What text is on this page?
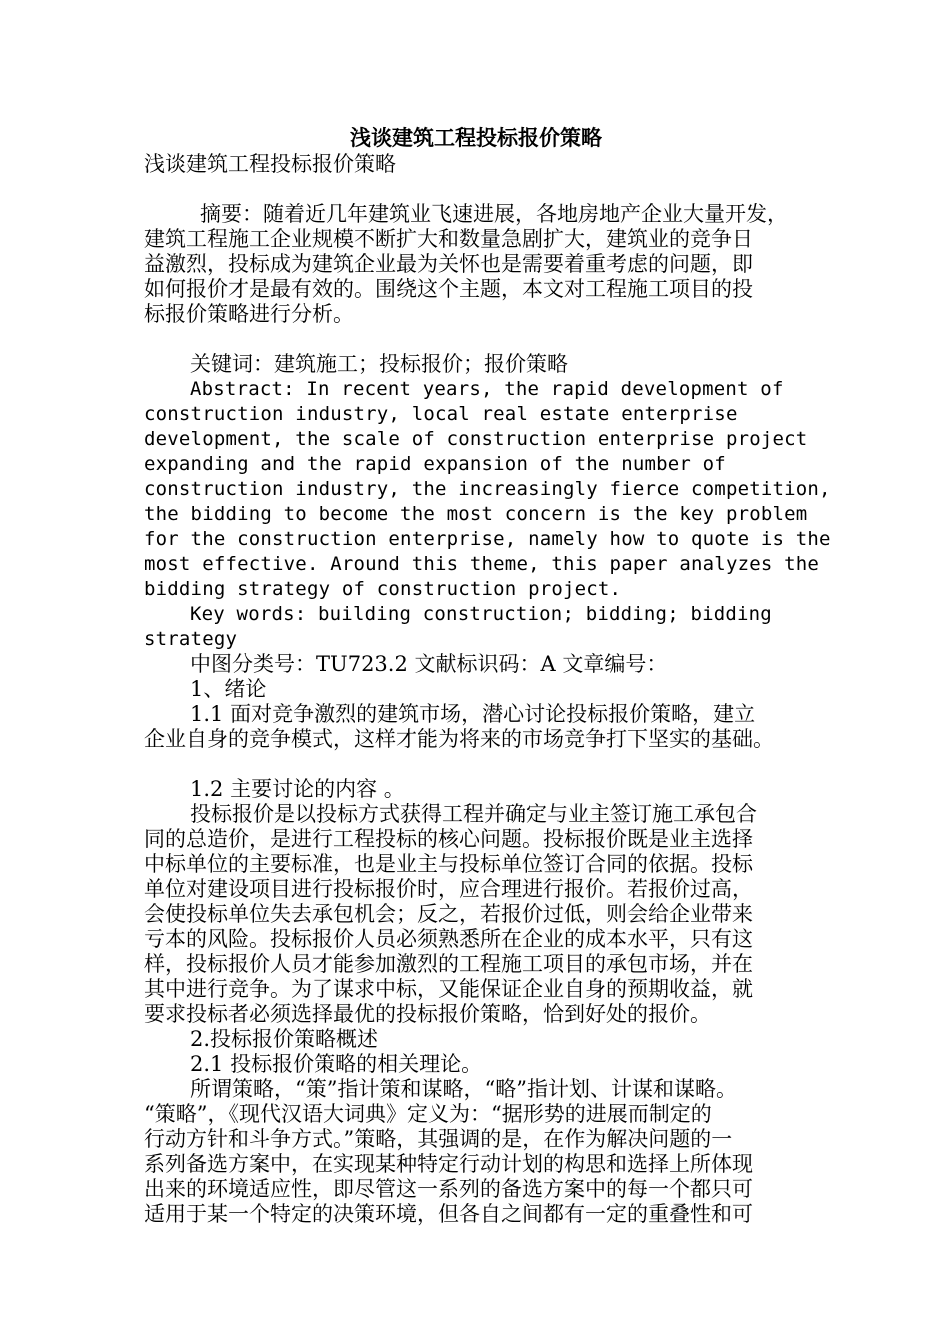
浅谈建筑工程投标报价策略
浅谈建筑工程投标报价策略
摘要：随着近几年建筑业飞速进展，各地房地产企业大量开发，
建筑工程施工企业规模不断扩大和数量急剧扩大，建筑业的竞争日
益激烈，投标成为建筑企业最为关怀也是需要着重考虑的问题，即
如何报价才是最有效的。围绕这个主题，本文对工程施工项目的投
标报价策略进行分析。
关键词：建筑施工；投标报价；报价策略
Abstract: In recent years, the rapid development of
construction industry, local real estate enterprise
development, the scale of construction enterprise project
expanding and the rapid expansion of the number of
construction industry, the increasingly fierce competition,
the bidding to become the most concern is the key problem
for the construction enterprise, namely how to quote is the
most effective. Around this theme, this paper analyzes the
bidding strategy of construction project.
Key words: building construction; bidding; bidding
strategy
中图分类号：TU723.2 文献标识码：A 文章编号：
1、绪论
1.1 面对竞争激烈的建筑市场，潜心讨论投标报价策略，建立
企业自身的竞争模式，这样才能为将来的市场竞争打下坚实的基础。
1.2 主要讨论的内容 。
投标报价是以投标方式获得工程并确定与业主签订施工承包合
同的总造价，是进行工程投标的核心问题。投标报价既是业主选择
中标单位的主要标准，也是业主与投标单位签订合同的依据。投标
单位对建设项目进行投标报价时，应合理进行报价。若报价过高，
会使投标单位失去承包机会；反之，若报价过低，则会给企业带来
亏本的风险。投标报价人员必须熟悉所在企业的成本水平，只有这
样，投标报价人员才能参加激烈的工程施工项目的承包市场，并在
其中进行竞争。为了谋求中标，又能保证企业自身的预期收益，就
要求投标者必须选择最优的投标报价策略，恰到好处的报价。
2.投标报价策略概述
2.1 投标报价策略的相关理论。
所谓策略，“策”指计策和谋略，“略”指计划、计谋和谋略。
“策略”，《现代汉语大词典》定义为：“据形势的进展而制定的
行动方针和斗争方式。”策略，其强调的是，在作为解决问题的一
系列备选方案中，在实现某种特定行动计划的构思和选择上所体现
出来的环境适应性，即尽管这一系列的备选方案中的每一个都只可
适用于某一个特定的决策环境，但各自之间都有一定的重叠性和可
